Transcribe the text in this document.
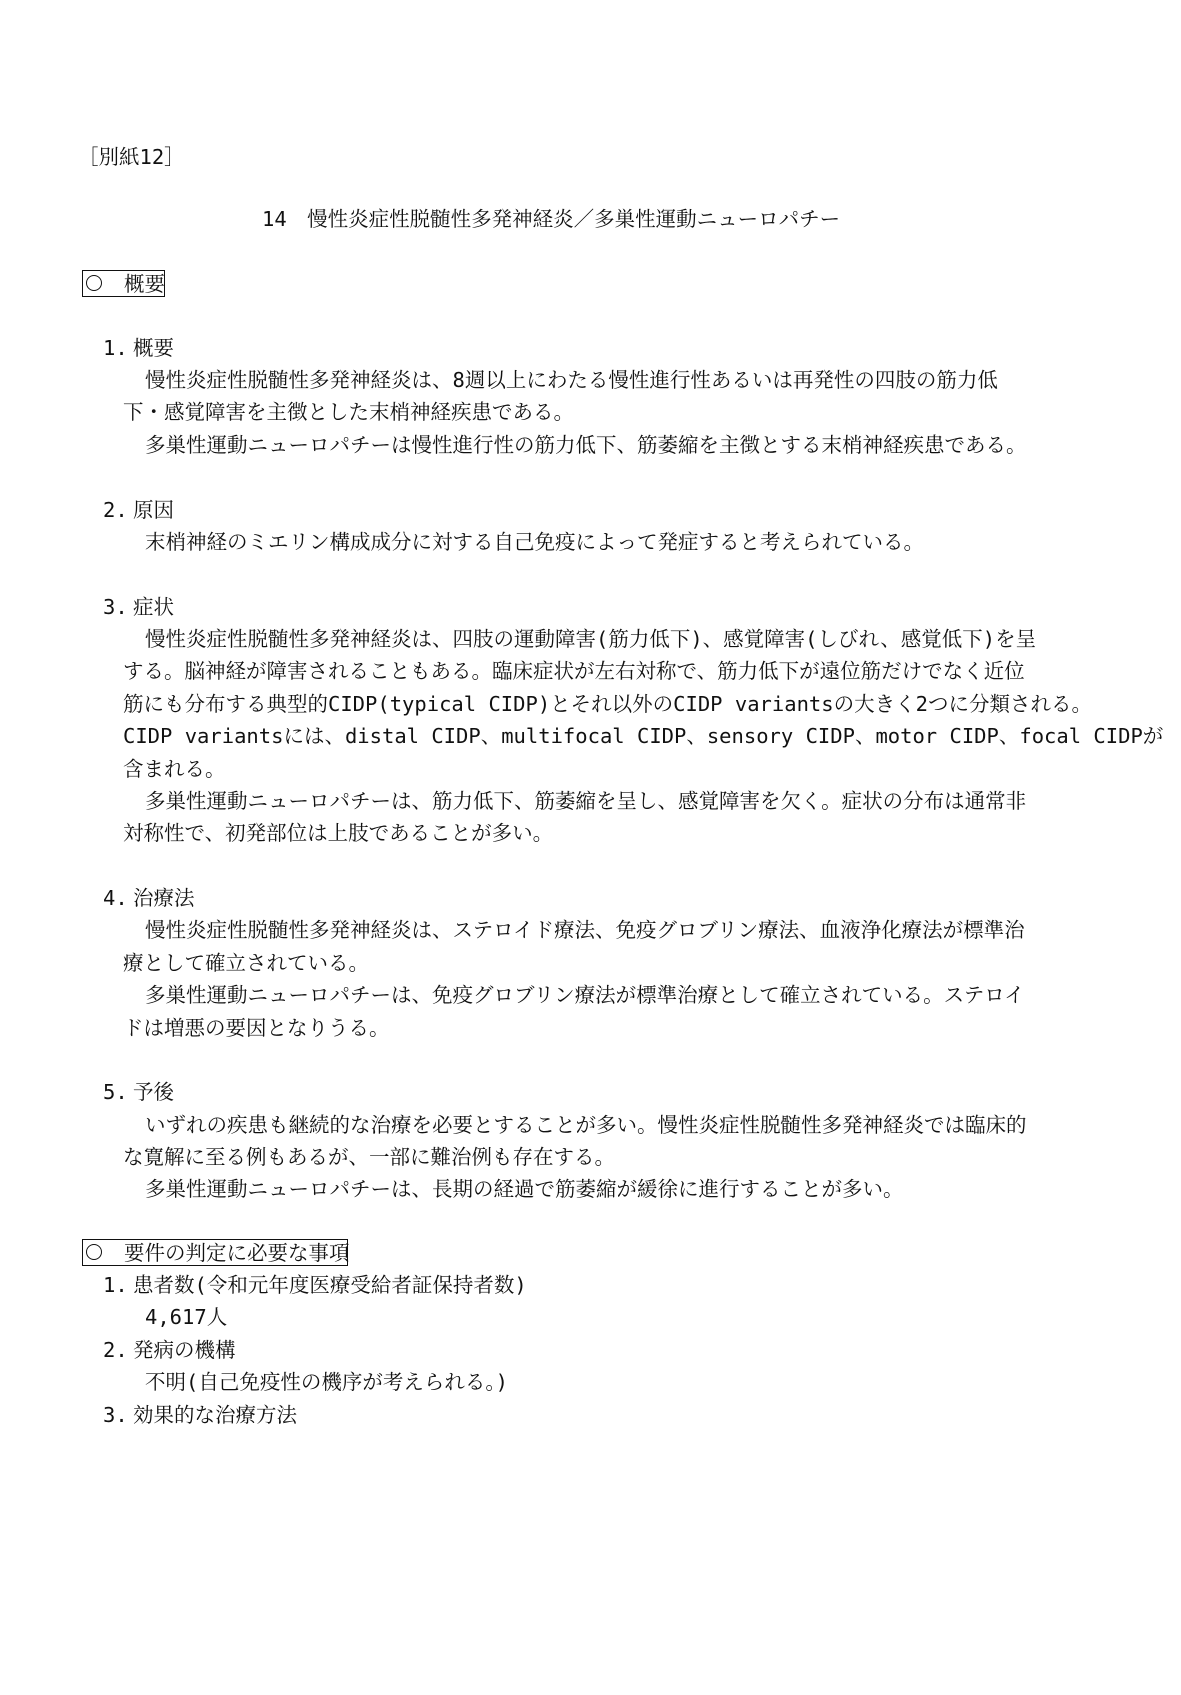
［別紙12］
14　慢性炎症性脱髄性多発神経炎／多巣性運動ニューロパチー
概要
1. 概要
慢性炎症性脱髄性多発神経炎は、8週以上にわたる慢性進行性あるいは再発性の四肢の筋力低
下・感覚障害を主徴とした末梢神経疾患である。
多巣性運動ニューロパチーは慢性進行性の筋力低下、筋萎縮を主徴とする末梢神経疾患である。
2. 原因
末梢神経のミエリン構成成分に対する自己免疫によって発症すると考えられている。
3. 症状
慢性炎症性脱髄性多発神経炎は、四肢の運動障害(筋力低下)、感覚障害(しびれ、感覚低下)を呈
する。脳神経が障害されることもある。臨床症状が左右対称で、筋力低下が遠位筋だけでなく近位
筋にも分布する典型的CIDP(typical CIDP)とそれ以外のCIDP variantsの大きく2つに分類される。
CIDP variantsには、distal CIDP、multifocal CIDP、sensory CIDP、motor CIDP、focal CIDPが
含まれる。
多巣性運動ニューロパチーは、筋力低下、筋萎縮を呈し、感覚障害を欠く。症状の分布は通常非
対称性で、初発部位は上肢であることが多い。
4. 治療法
慢性炎症性脱髄性多発神経炎は、ステロイド療法、免疫グロブリン療法、血液浄化療法が標準治
療として確立されている。
多巣性運動ニューロパチーは、免疫グロブリン療法が標準治療として確立されている。ステロイ
ドは増悪の要因となりうる。
5. 予後
いずれの疾患も継続的な治療を必要とすることが多い。慢性炎症性脱髄性多発神経炎では臨床的
な寛解に至る例もあるが、一部に難治例も存在する。
多巣性運動ニューロパチーは、長期の経過で筋萎縮が緩徐に進行することが多い。
要件の判定に必要な事項
1. 患者数(令和元年度医療受給者証保持者数)
4,617人
2. 発病の機構
不明(自己免疫性の機序が考えられる。)
3. 効果的な治療方法
